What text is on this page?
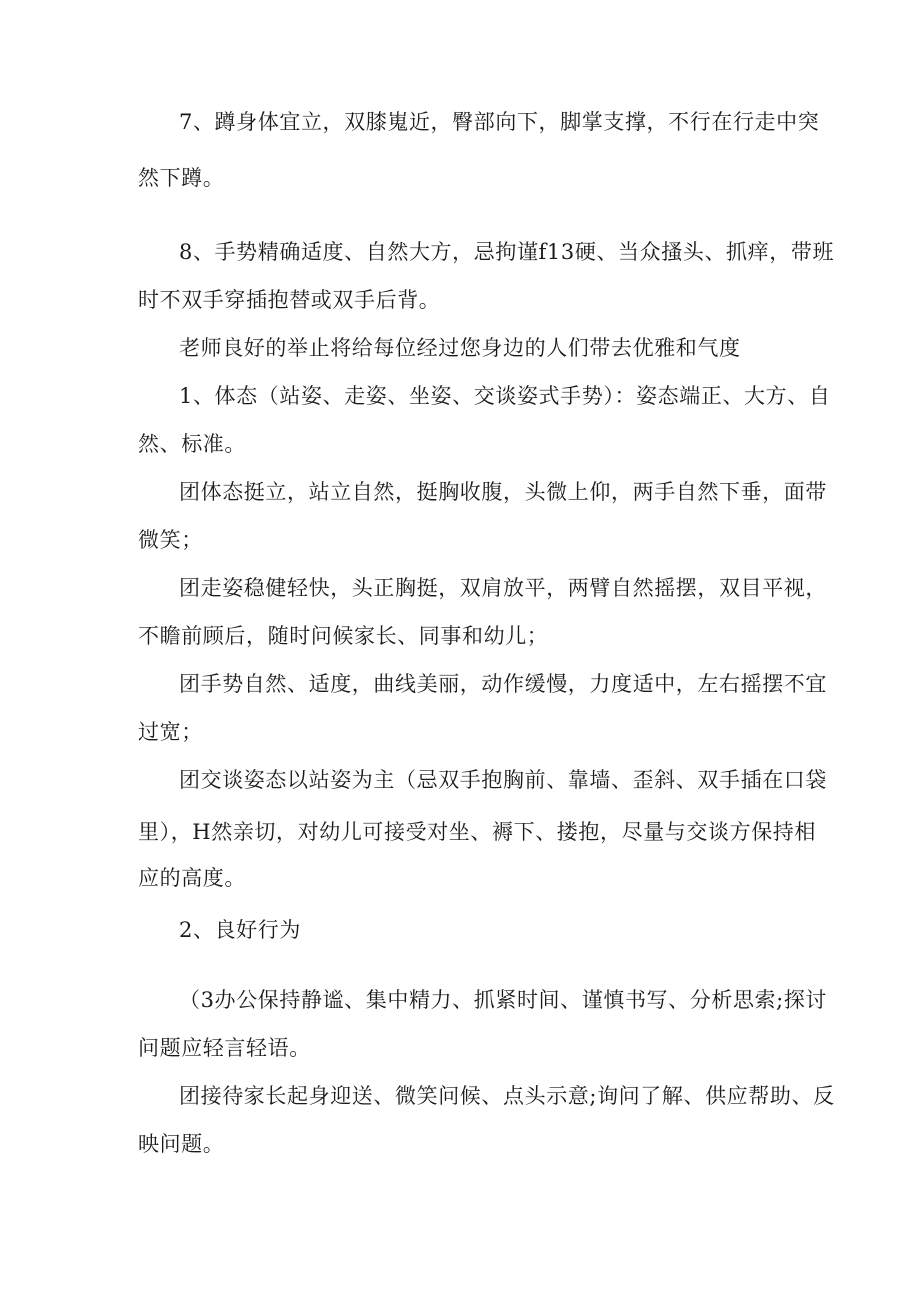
7、蹲身体宜立，双膝嵬近，臀部向下，脚掌支撑，不行在行走中突
然下蹲。
8、手势精确适度、自然大方，忌拘谨f13硬、当众搔头、抓痒，带班
时不双手穿插抱替或双手后背。
老师良好的举止将给每位经过您身边的人们带去优雅和气度
1、体态（站姿、走姿、坐姿、交谈姿式手势）：姿态端正、大方、自
然、标准。
团体态挺立，站立自然，挺胸收腹，头微上仰，两手自然下垂，面带
微笑；
团走姿稳健轻快，头正胸挺，双肩放平，两臂自然摇摆，双目平视，
不瞻前顾后，随时问候家长、同事和幼儿；
团手势自然、适度，曲线美丽，动作缓慢，力度适中，左右摇摆不宜
过宽；
团交谈姿态以站姿为主（忌双手抱胸前、靠墙、歪斜、双手插在口袋
里），H然亲切，对幼儿可接受对坐、褥下、搂抱，尽量与交谈方保持相
应的高度。
2、良好行为
（3办公保持静谧、集中精力、抓紧时间、谨慎书写、分析思索;探讨
问题应轻言轻语。
团接待家长起身迎送、微笑问候、点头示意;询问了解、供应帮助、反
映问题。
